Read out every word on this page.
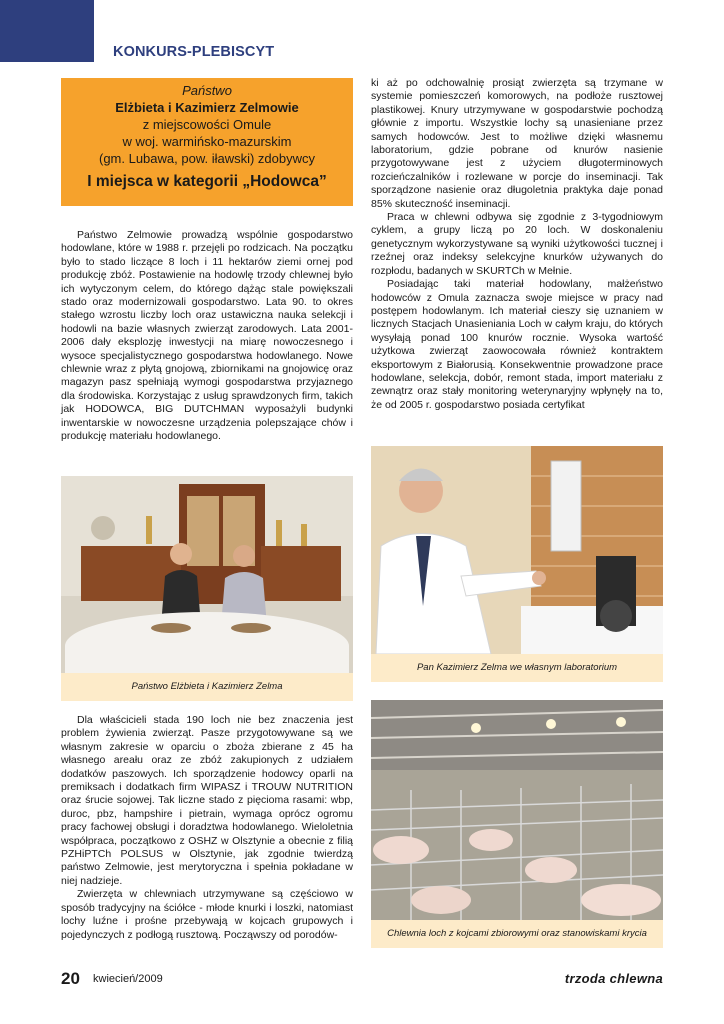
KONKURS-PLEBISCYT
Państwo
Elżbieta i Kazimierz Zelmowie
z miejscowości Omule
w woj. warmińsko-mazurskim
(gm. Lubawa, pow. iławski) zdobywcy
I miejsca w kategorii „Hodowca”

Państwo Zelmowie prowadzą wspólnie gospodarstwo hodowlane, które w 1988 r. przejęli po rodzicach. Na początku było to stado liczące 8 loch i 11 hektarów ziemi ornej pod produkcję zbóż. Postawienie na hodowlę trzody chlewnej było ich wytyczonym celem, do którego dążąc stale powiększali stado oraz modernizowali gospodarstwo. Lata 90. to okres stałego wzrostu liczby loch oraz ustawiczna nauka selekcji i hodowli na bazie własnych zwierząt zarodowych. Lata 2001-2006 dały eksplozję inwestycji na miarę nowoczesnego i wysoce specjalistycznego gospodarstwa hodowlanego. Nowe chlewnie wraz z płytą gnojową, zbiornikami na gnojowicę oraz magazyn pasz spełniają wymogi gospodarstwa przyjaznego dla środowiska. Korzystając z usług sprawdzonych firm, takich jak HODOWCA, BIG DUTCHMAN wyposażyli budynki inwentarskie w nowoczesne urządzenia polepszające chów i produkcję materiału hodowlanego.

ki aż po odchowalnię prosiąt zwierzęta są trzymane w systemie pomieszczeń komorowych, na podłoże rusztowej plastikowej. Knury utrzymywane w gospodarstwie pochodzą głównie z importu. Wszystkie lochy są unasieniane przez samych hodowców. Jest to możliwe dzięki własnemu laboratorium, gdzie pobrane od knurów nasienie przygotowywane jest z użyciem długoterminowych rozcieńczalników i rozlewane w porcje do inseminacji. Tak sporządzone nasienie oraz długoletnia praktyka daje ponad 85% skuteczność inseminacji.

Praca w chlewni odbywa się zgodnie z 3-tygodniowym cyklem, a grupy liczą po 20 loch. W doskonaleniu genetycznym wykorzystywane są wyniki użytkowości tucznej i rzeźnej oraz indeksy selekcyjne knurków używanych do rozpłodu, badanych w SKURTCh w Mełnie.

Posiadając taki materiał hodowlany, małżeństwo hodowców z Omula zaznacza swoje miejsce w pracy nad postępem hodowlanym. Ich materiał cieszy się uznaniem w licznych Stacjach Unasieniania Loch w całym kraju, do których wysyłają ponad 100 knurów rocznie. Wysoka wartość użytkowa zwierząt zaowocowała również kontraktem eksportowym z Białorusią. Konsekwentnie prowadzone prace hodowlane, selekcja, dobór, remont stada, import materiału z zewnątrz oraz stały monitoring weterynaryjny wpłynęły na to, że od 2005 r. gospodarstwo posiada certyfikat

Państwo Elżbieta i Kazimierz Zelma
Pan Kazimierz Zelma we własnym laboratorium

Dla właścicieli stada 190 loch nie bez znaczenia jest problem żywienia zwierząt. Pasze przygotowywane są we własnym zakresie w oparciu o zboża zbierane z 45 ha własnego areału oraz ze zbóż zakupionych z udziałem dodatków paszowych. Ich sporządzenie hodowcy oparli na premiksach i dodatkach firm WIPASZ i TROUW NUTRITION oraz śrucie sojowej. Tak liczne stado z pięcioma rasami: wbp, duroc, pbz, hampshire i pietrain, wymaga oprócz ogromu pracy fachowej obsługi i doradztwa hodowlanego. Wieloletnia współpraca, początkowo z OSHZ w Olsztynie a obecnie z filią PZHiPTCh POLSUS w Olsztynie, jak zgodnie twierdzą państwo Zelmowie, jest merytoryczna i spełnia pokładane w niej nadzieje.

Zwierzęta w chlewniach utrzymywane są częściowo w sposób tradycyjny na ściółce - młode knurki i loszki, natomiast lochy luźne i prośne przebywają w kojcach grupowych i pojedynczych z podłogą rusztową. Począwszy od porodów-	Chlewnia loch z kojcami zbiorowymi oraz stanowiskami krycia
20 kwiecień/2009	trzoda chlewna
